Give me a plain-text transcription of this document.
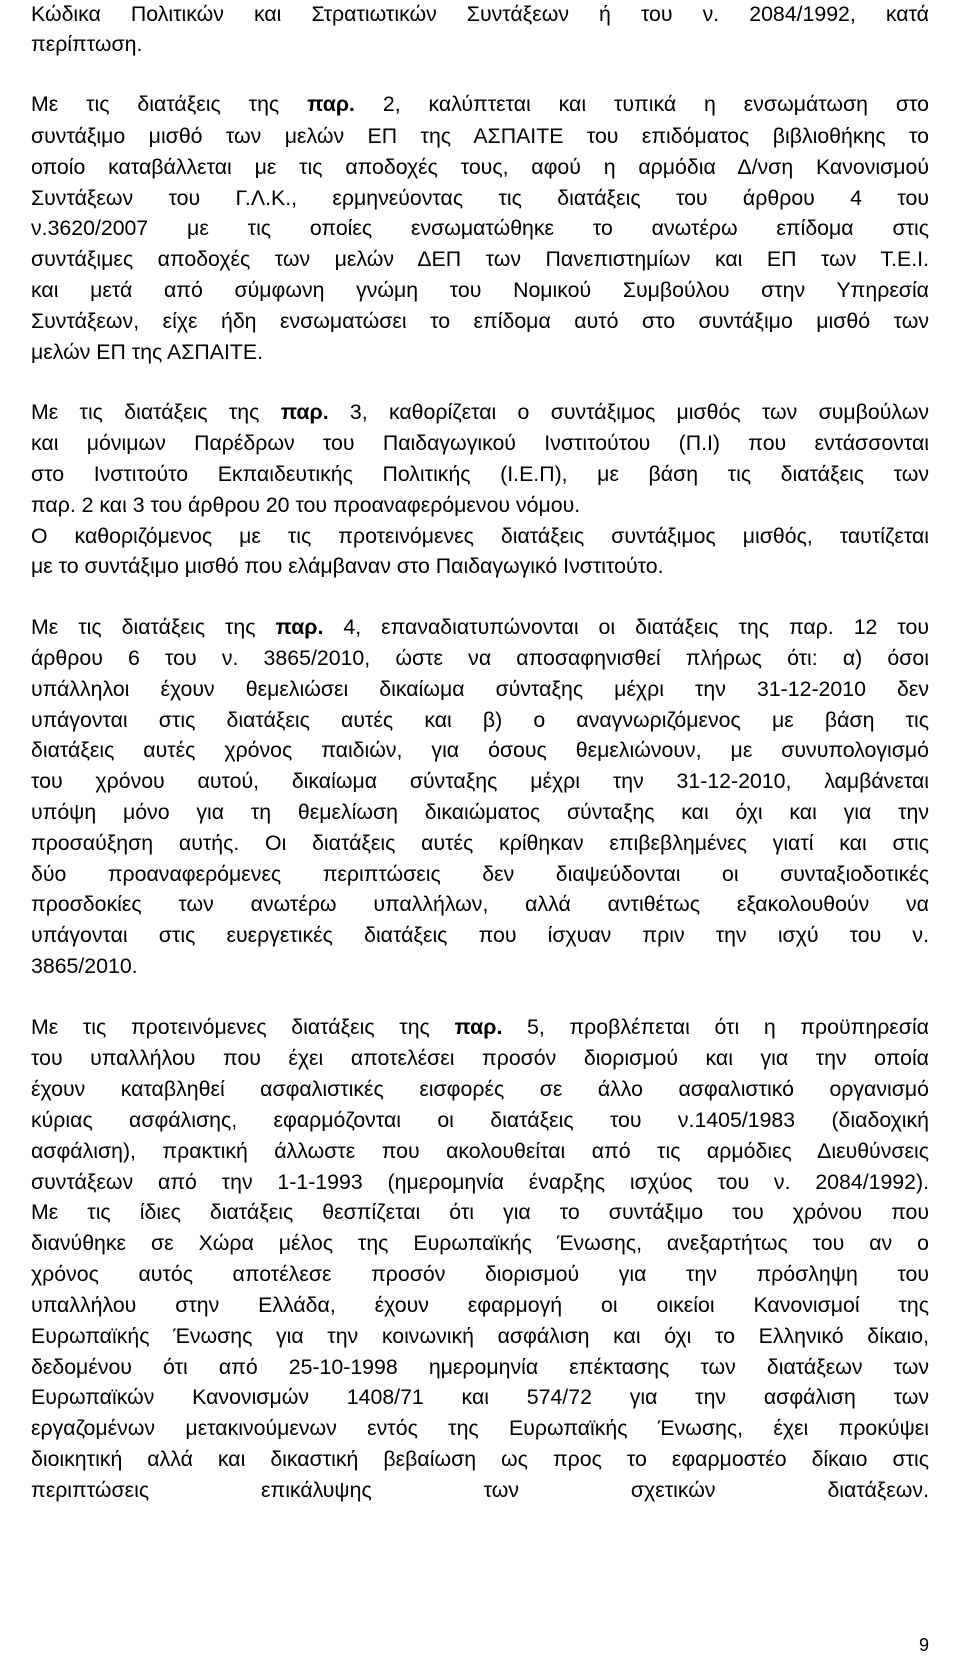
Κώδικα Πολιτικών και Στρατιωτικών Συντάξεων ή του ν. 2084/1992, κατά
περίπτωση.
Με τις διατάξεις της παρ. 2, καλύπτεται και τυπικά η ενσωμάτωση στο
συντάξιμο μισθό των μελών ΕΠ της ΑΣΠΑΙΤΕ του επιδόματος βιβλιοθήκης το
οποίο καταβάλλεται με τις αποδοχές τους, αφού η αρμόδια Δ/νση Κανονισμού
Συντάξεων του Γ.Λ.Κ., ερμηνεύοντας τις διατάξεις του άρθρου 4 του
ν.3620/2007 με τις οποίες ενσωματώθηκε το ανωτέρω επίδομα στις
συντάξιμες αποδοχές των μελών ΔΕΠ των Πανεπιστημίων και ΕΠ των Τ.Ε.Ι.
και μετά από σύμφωνη γνώμη του Νομικού Συμβούλου στην Υπηρεσία
Συντάξεων, είχε ήδη ενσωματώσει το επίδομα αυτό στο συντάξιμο μισθό των
μελών ΕΠ της ΑΣΠΑΙΤΕ.
Με τις διατάξεις της παρ. 3, καθορίζεται ο συντάξιμος μισθός των συμβούλων
και μόνιμων Παρέδρων του Παιδαγωγικού Ινστιτούτου (Π.Ι) που εντάσσονται
στο Ινστιτούτο Εκπαιδευτικής Πολιτικής (Ι.Ε.Π), με βάση τις διατάξεις των
παρ. 2 και 3 του άρθρου 20 του προαναφερόμενου νόμου.
Ο καθοριζόμενος με τις προτεινόμενες διατάξεις συντάξιμος μισθός, ταυτίζεται
με το συντάξιμο μισθό που ελάμβαναν στο Παιδαγωγικό Ινστιτούτο.
Με τις διατάξεις της παρ. 4, επαναδιατυπώνονται οι διατάξεις της παρ. 12 του
άρθρου 6 του ν. 3865/2010, ώστε να αποσαφηνισθεί πλήρως ότι: α) όσοι
υπάλληλοι έχουν θεμελιώσει δικαίωμα σύνταξης μέχρι την 31-12-2010 δεν
υπάγονται στις διατάξεις αυτές και β) ο αναγνωριζόμενος με βάση τις
διατάξεις αυτές χρόνος παιδιών, για όσους θεμελιώνουν, με συνυπολογισμό
του χρόνου αυτού, δικαίωμα σύνταξης μέχρι την 31-12-2010, λαμβάνεται
υπόψη μόνο για τη θεμελίωση δικαιώματος σύνταξης και όχι και για την
προσαύξηση αυτής. Οι διατάξεις αυτές κρίθηκαν επιβεβλημένες γιατί και στις
δύο προαναφερόμενες περιπτώσεις δεν διαψεύδονται οι συνταξιοδοτικές
προσδοκίες των ανωτέρω υπαλλήλων, αλλά αντιθέτως εξακολουθούν να
υπάγονται στις ευεργετικές διατάξεις που ίσχυαν πριν την ισχύ του ν.
3865/2010.
Με τις προτεινόμενες διατάξεις της παρ. 5, προβλέπεται ότι η προϋπηρεσία
του υπαλλήλου που έχει αποτελέσει προσόν διορισμού και για την οποία
έχουν καταβληθεί ασφαλιστικές εισφορές σε άλλο ασφαλιστικό οργανισμό
κύριας ασφάλισης, εφαρμόζονται οι διατάξεις του ν.1405/1983 (διαδοχική
ασφάλιση), πρακτική άλλωστε που ακολουθείται από τις αρμόδιες Διευθύνσεις
συντάξεων από την 1-1-1993 (ημερομηνία έναρξης ισχύος του ν. 2084/1992).
Με τις ίδιες διατάξεις θεσπίζεται ότι για το συντάξιμο του χρόνου που
διανύθηκε σε Χώρα μέλος της Ευρωπαϊκής Ένωσης, ανεξαρτήτως του αν ο
χρόνος αυτός αποτέλεσε προσόν διορισμού για την πρόσληψη του
υπαλλήλου στην Ελλάδα, έχουν εφαρμογή οι οικείοι Κανονισμοί της
Ευρωπαϊκής Ένωσης για την κοινωνική ασφάλιση και όχι το Ελληνικό δίκαιο,
δεδομένου ότι από 25-10-1998 ημερομηνία επέκτασης των διατάξεων των
Ευρωπαϊκών Κανονισμών 1408/71 και 574/72 για την ασφάλιση των
εργαζομένων μετακινούμενων εντός της Ευρωπαϊκής Ένωσης, έχει προκύψει
διοικητική αλλά και δικαστική βεβαίωση ως προς το εφαρμοστέο δίκαιο στις
περιπτώσεις επικάλυψης των σχετικών διατάξεων.
9
